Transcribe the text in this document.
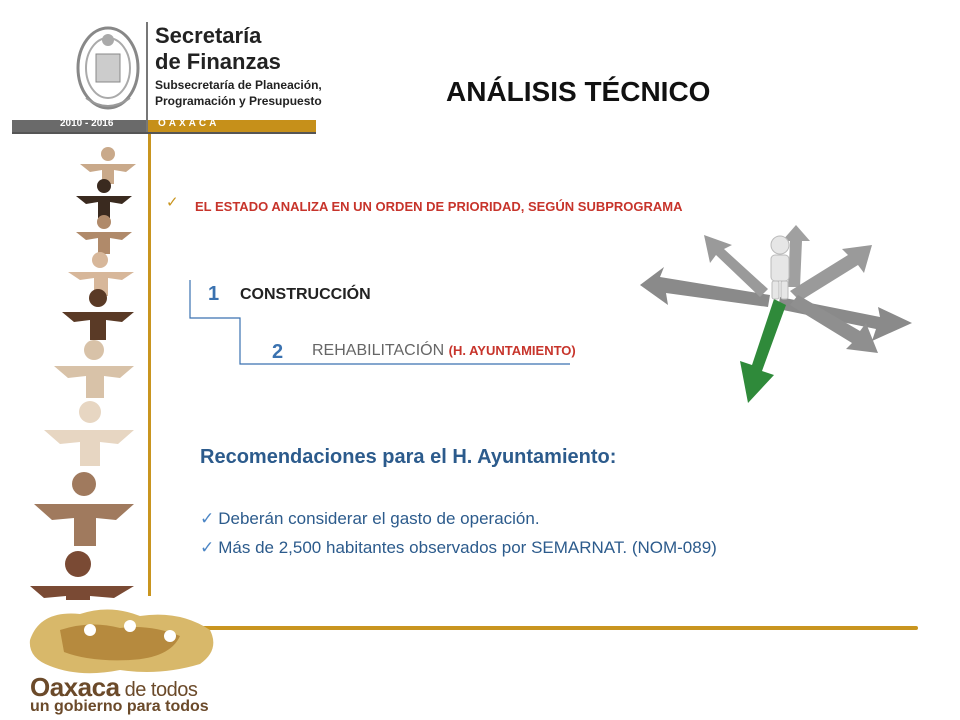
Secretaría
de Finanzas
Subsecretaría de Planeación,
Programación y Presupuesto
2010 - 2016	OAXACA
ANÁLISIS TÉCNICO
✓ EL ESTADO ANALIZA EN UN ORDEN DE PRIORIDAD, SEGÚN SUBPROGRAMA
1 CONSTRUCCIÓN
2 REHABILITACIÓN (H. AYUNTAMIENTO)
Recomendaciones para el H. Ayuntamiento:
✓ Deberán considerar el gasto de operación.
✓ Más de 2,500 habitantes observados por SEMARNAT. (NOM-089)
Oaxaca de todos
un gobierno para todos
